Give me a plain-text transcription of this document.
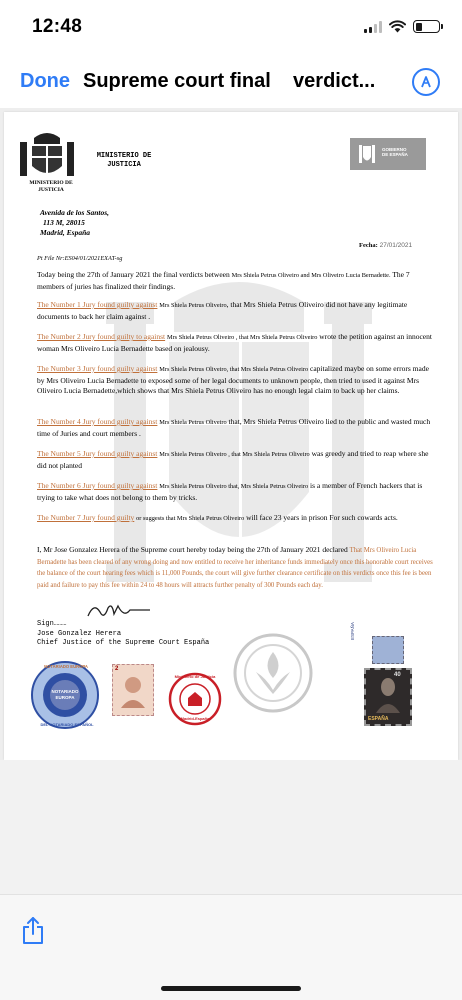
12:48
Done Supreme court final    verdict...
MINISTERIO DE
JUSTICIA
MINISTERIO DE
JUSTICIA
GOBIERNO
DE ESPAÑA
Avenida de los Santos,
113 M, 28015
Madrid, España
Fecha: 27/01/2021
Pt File Nr:ES04/01/2021EXAT-sg
Today being the 27th of January 2021 the final verdicts between Mrs Shiela Petrus Oliveiro and Mrs Oliveiro Lucia Bernadette. The 7 members of juries has finalized their findings.
The Number 1 Jury found guilty against Mrs Shiela Petrus Oliveiro, that Mrs Shiela Petrus Oliveiro did not have any legitimate documents to back her claim against .
The Number 2 Jury found guilty to against Mrs Shiela Petrus Oliveiro , that Mrs Shiela Petrus Oliveiro wrote the petition against an innocent woman Mrs Oliveiro Lucia Bernadette based on jealousy.
The Number 3 Jury found guilty against Mrs Shiela Petrus Oliveiro, that Mrs Shiela Petrus Oliveiro capitalized maybe on some errors made by Mrs Oliveiro Lucia Bernadette to exposed some of her legal documents to unknown people, then tried to used it against Mrs Oliveiro Lucia Bernadette,which shows that Mrs Shiela Petrus Oliveiro has no enough legal claim to back up her claims.
The Number 4 Jury found guilty against Mrs Shiela Petrus Oliveiro that, Mrs Shiela Petrus Oliveiro lied to the public and wasted much time of Juries and court members .
The Number 5 Jury found guilty against Mrs Shiela Petrus Oliveiro , that Mrs Shiela Petrus Oliveiro was greedy and tried to reap where she did not planted
The Number 6 Jury found guilty against Mrs Shiela Petrus Oliveiro that, Mrs Shiela Petrus Oliveiro is a member of French hackers that is trying to take what does not belong to them by tricks.
The Number 7 Jury found guilty or suggests that Mrs Shiela Petrus Oliveiro will face 23 years in prison For such cowards acts.
I, Mr Jose Gonzalez Herera of the Supreme court hereby today being the 27th of January 2021 declared That Mrs Oliveiro Lucia Bernadette has been cleared of any wrong doing and now entitled to receive her inheritance funds immediately once this honorable court receives the balance of the court hearing fees which is 11,000 Pounds, the court will give further clearance certificate on this verdicts once this fee is been paid and failure to pay this fee within 24 to 48 hours will attracts further penalty of 300 Pounds each day.
Sign………
Jose Gonzalez Herera
Chief Justice of the Supreme Court España
NOTARIADO
EUROPA
NOTARIADO EUROPA
DEL NOTARIADO ESPAÑOL
2
Ministerio de Justicia
Madrid-España
ESPAÑA
40
ESPAÑA
